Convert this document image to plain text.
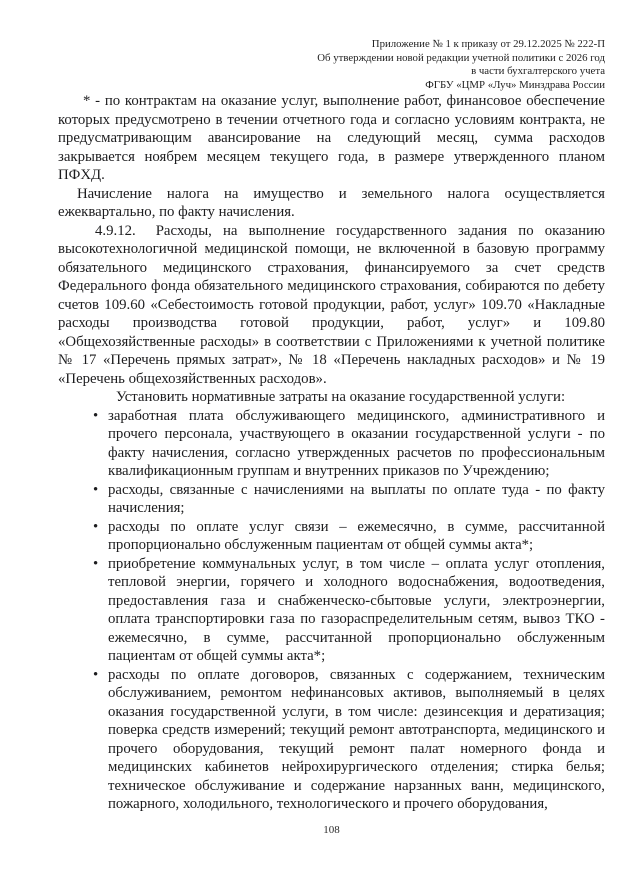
Приложение № 1 к приказу от 29.12.2025 № 222-П
Об утверждении новой редакции учетной политики с 2026 год
в части бухгалтерского учета
ФГБУ «ЦМР «Луч» Минздрава России

* - по контрактам на оказание услуг, выполнение работ, финансовое обеспечение которых предусмотрено в течении отчетного года и согласно условиям контракта, не предусматривающим авансирование на следующий месяц, сумма расходов закрывается ноябрем месяцем текущего года, в размере утвержденного планом ПФХД.

Начисление налога на имущество и земельного налога осуществляется ежеквартально, по факту начисления.

4.9.12. Расходы, на выполнение государственного задания по оказанию высокотехнологичной медицинской помощи, не включенной в базовую программу обязательного медицинского страхования, финансируемого за счет средств Федерального фонда обязательного медицинского страхования, собираются по дебету счетов 109.60 «Себестоимость готовой продукции, работ, услуг» 109.70 «Накладные расходы производства готовой продукции, работ, услуг» и 109.80 «Общехозяйственные расходы» в соответствии с Приложениями к учетной политике № 17 «Перечень прямых затрат», № 18 «Перечень накладных расходов» и № 19 «Перечень общехозяйственных расходов».

Установить нормативные затраты на оказание государственной услуги:

•
заработная плата обслуживающего медицинского, административного и прочего персонала, участвующего в оказании государственной услуги - по факту начисления, согласно утвержденных расчетов по профессиональным квалификационным группам и внутренних приказов по Учреждению;
•
расходы, связанные с начислениями на выплаты по оплате туда - по факту начисления;
•
расходы по оплате услуг связи – ежемесячно, в сумме, рассчитанной пропорционально обслуженным пациентам от общей суммы акта*;
•
приобретение коммунальных услуг, в том числе – оплата услуг отопления, тепловой энергии, горячего и холодного водоснабжения, водоотведения, предоставления газа и снабженческо-сбытовые услуги, электроэнергии, оплата транспортировки газа по газораспределительным сетям, вывоз ТКО - ежемесячно, в сумме, рассчитанной пропорционально обслуженным пациентам от общей суммы акта*;
•
расходы по оплате договоров, связанных с содержанием, техническим обслуживанием, ремонтом нефинансовых активов, выполняемый в целях оказания государственной услуги, в том числе: дезинсекция и дератизация; поверка средств измерений; текущий ремонт автотранспорта, медицинского и прочего оборудования, текущий ремонт палат номерного фонда и медицинских кабинетов нейрохирургического отделения; стирка белья; техническое обслуживание и содержание нарзанных ванн, медицинского, пожарного, холодильного, технологического и прочего оборудования,
108
